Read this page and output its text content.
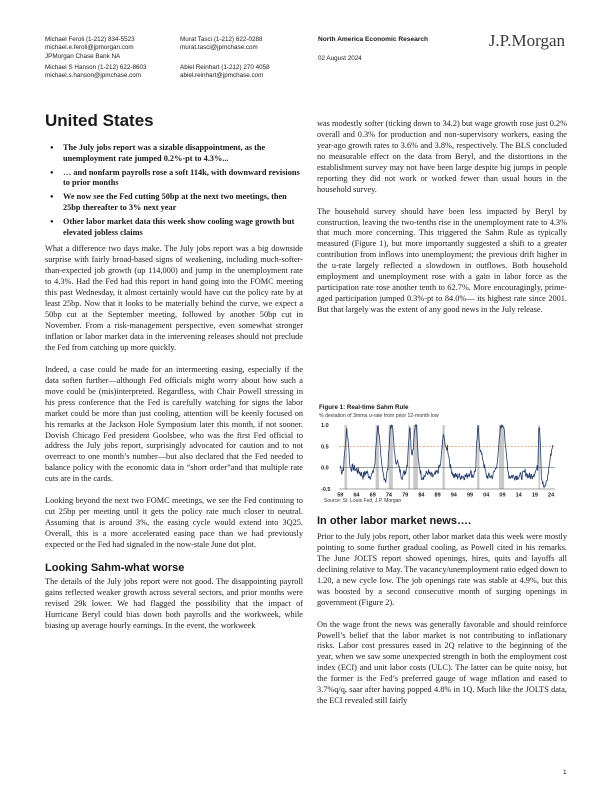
Michael Feroli (1-212) 834-5523
michael.e.feroli@jpmorgan.com
JPMorgan Chase Bank NA
Michael S Hanson (1-212) 622-8603
michael.s.hanson@jpmchase.com
Murat Tasci (1-212) 622-0288
murat.tasci@jpmchase.com
Abiel Reinhart (1-212) 270 4058
abiel.reinhart@jpmchase.com
North America Economic Research
02 August 2024
J.P.Morgan
United States
● The July jobs report was a sizable disappointment, as the unemployment rate jumped 0.2%-pt to 4.3%...
● … and nonfarm payrolls rose a soft 114k, with downward revisions to prior months
● We now see the Fed cutting 50bp at the next two meetings, then 25bp thereafter to 3% next year
● Other labor market data this week show cooling wage growth but elevated jobless claims

What a difference two days make. The July jobs report was a big downside surprise with fairly broad-based signs of weakening, including much-softer-than-expected job growth (up 114,000) and jump in the unemployment rate to 4.3%. Had the Fed had this report in hand going into the FOMC meeting this past Wednesday, it almost certainly would have cut the policy rate by at least 25bp. Now that it looks to be materially behind the curve, we expect a 50bp cut at the September meeting, followed by another 50bp cut in November. From a risk-management perspective, even somewhat stronger inflation or labor market data in the intervening releases should not preclude the Fed from catching up more quickly.

Indeed, a case could be made for an intermeeting easing, especially if the data soften further—although Fed officials might worry about how such a move could be (mis)interpreted. Regardless, with Chair Powell stressing in his press conference that the Fed is carefully watching for signs the labor market could be more than just cooling, attention will be keenly focused on his remarks at the Jackson Hole Symposium later this month, if not sooner. Dovish Chicago Fed president Goolsbee, who was the first Fed official to address the July jobs report, surprisingly advocated for caution and to not overreact to one month’s number—but also declared that the Fed needed to balance policy with the economic data in “short order”and that multiple rate cuts are in the cards.

Looking beyond the next two FOMC meetings, we see the Fed continuing to cut 25bp per meeting until it gets the policy rate much closer to neutral. Assuming that is around 3%, the easing cycle would extend into 3Q25. Overall, this is a more accelerated easing pace than we had previously expected or the Fed had signaled in the now-stale June dot plot.

Looking Sahm-what worse

The details of the July jobs report were not good. The disappointing payroll gains reflected weaker growth across several sectors, and prior months were revised 29k lower. We had flagged the possibility that the impact of Hurricane Beryl could bias down both payrolls and the workweek, while biasing up average hourly earnings. In the event, the workweek

was modestly softer (ticking down to 34.2) but wage growth rose just 0.2% overall and 0.3% for production and non-supervisory workers, easing the year-ago growth rates to 3.6% and 3.8%, respectively. The BLS concluded no measurable effect on the data from Beryl, and the distortions in the establishment survey may not have been large despite big jumps in people reporting they did not work or worked fewer than usual hours in the household survey.

The household survey should have been less impacted by Beryl by construction, leaving the two-tenths rise in the unemployment rate to 4.3% that much more concerning. This triggered the Sahm Rule as typically measured (Figure 1), but more importantly suggested a shift to a greater contribution from inflows into unemployment; the previous drift higher in the u-rate largely reflected a slowdown in outflows. Both household employment and unemployment rose with a gain in labor force as the participation rate rose another tenth to 62.7%. More encouragingly, prime-aged participation jumped 0.3%-pt to 84.0%— its highest rate since 2001. But that largely was the extent of any good news in the July release.

Figure 1: Real-time Sahm Rule
% deviation of 3mma u-rate from prior 12-month low
1.0
0.5
0.0
-0.5
59 64 69 74 79 84 89 94 99 04 09 14 19 24
Source: St. Louis Fed, J.P. Morgan
In other labor market news….

Prior to the July jobs report, other labor market data this week were mostly pointing to some further gradual cooling, as Powell cited in his remarks. The June JOLTS report showed openings, hires, quits and layoffs all declining relative to May. The vacancy/unemployment ratio edged down to 1.20, a new cycle low. The job openings rate was stable at 4.9%, but this was boosted by a second consecutive month of surging openings in government (Figure 2).

On the wage front the news was generally favorable and should reinforce Powell’s belief that the labor market is not contributing to inflationary risks. Labor cost pressures eased in 2Q relative to the beginning of the year, when we saw some unexpected strength in both the employment cost index (ECI) and unit labor costs (ULC). The latter can be quite noisy, but the former is the Fed’s preferred gauge of wage inflation and eased to 3.7%q/q, saar after having popped 4.8% in 1Q. Much like the JOLTS data, the ECI revealed still fairly

1
